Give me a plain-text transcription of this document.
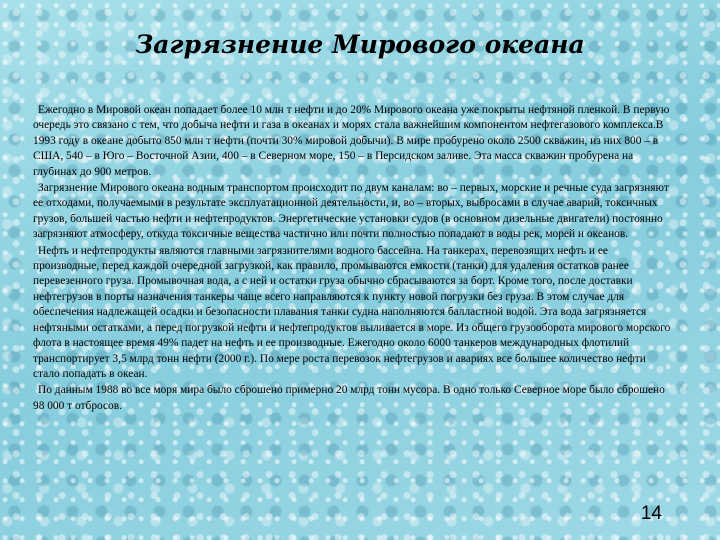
Загрязнение Мирового океана

Ежегодно в Мировой океан попадает более 10 млн т нефти и до 20% Мирового океана уже покрыты нефтяной пленкой. В первую очередь это связано с тем, что добыча нефти и газа в океанах и морях стала важнейшим компонентом нефтегазового комплекса.В 1993 году в океане добыто 850 млн т нефти (почти 30% мировой добычи). В мире пробурено около 2500 скважин, из них 800 – в США, 540 – в Юго – Восточной Азии, 400 – в Северном море, 150 – в Персидском заливе. Эта масса скважин пробурена на глубинах до 900 метров.

Загрязнение Мирового океана водным транспортом происходит по двум каналам: во – первых, морские и речные суда загрязняют ее отходами, получаемыми в результате эксплуатационной деятельности, и, во – вторых, выбросами в случае аварий, токсичных грузов, большей частью нефти и нефтепродуктов. Энергетические установки судов (в основном дизельные двигатели) постоянно загрязняют атмосферу, откуда токсичные вещества частично или почти полностью попадают в воды рек, морей и океанов.

Нефть и нефтепродукты являются главными загрязнителями водного бассейна. На танкерах, перевозящих нефть и ее производные, перед каждой очередной загрузкой, как правило, промываются емкости (танки) для удаления остатков ранее перевезенного груза. Промывочная вода, а с ней и остатки груза обычно сбрасываются за борт. Кроме того, после доставки нефтегрузов в порты назначения танкеры чаще всего направляются к пункту новой погрузки без груза. В этом случае для обеспечения надлежащей осадки и безопасности плавания танки судна наполняются балластной водой. Эта вода загрязняется нефтяными остатками, а перед погрузкой нефти и нефтепродуктов выливается в море. Из общего грузооборота мирового морского флота в настоящее время 49% падет на нефть и ее производные. Ежегодно около 6000 танкеров международных флотилий транспортирует 3,5 млрд тонн нефти (2000 г.). По мере роста перевозок нефтегрузов и авариях все большее количество нефти стало попадать в океан.

По данным 1988 во все моря мира было сброшено примерно 20 млрд тонн мусора. В одно только Северное море было сброшено 98 000 т отбросов.

14
